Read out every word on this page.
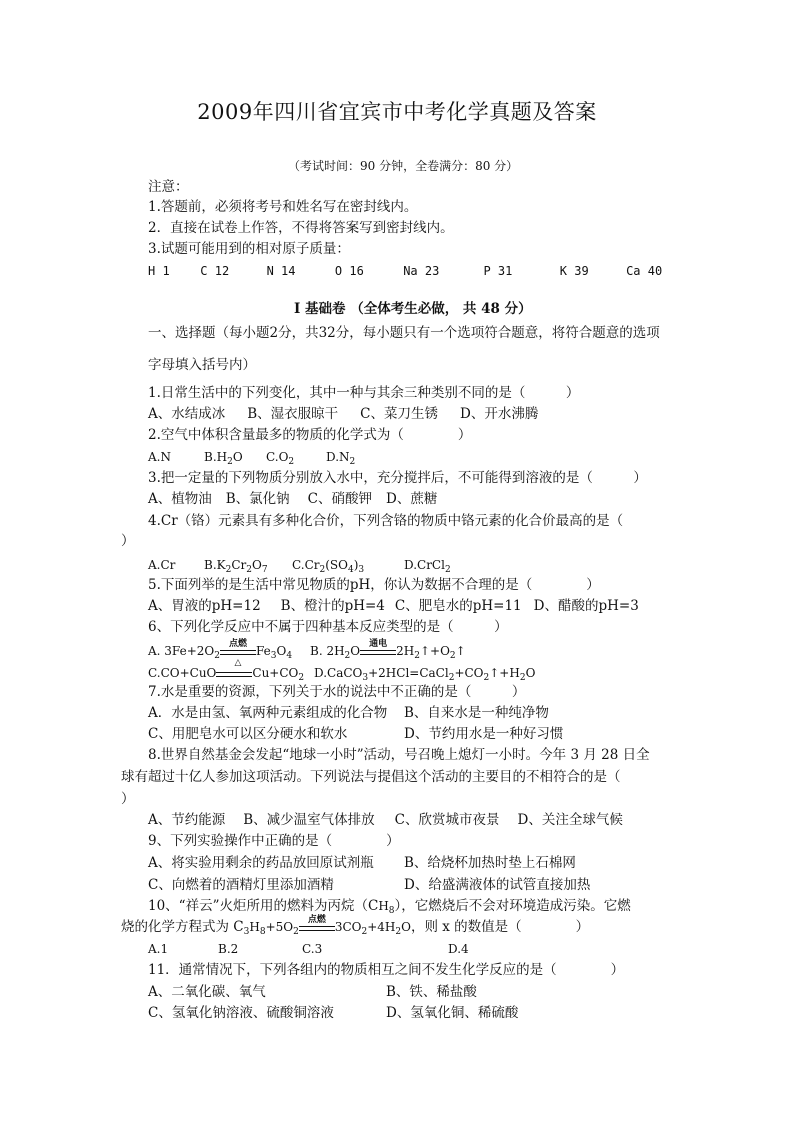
2009年四川省宜宾市中考化学真题及答案
（考试时间：90 分钟，全卷满分：80 分）
注意：
1.答题前，必须将考号和姓名写在密封线内。
2．直接在试卷上作答，不得将答案写到密封线内。
3.试题可能用到的相对原子质量：
H 1	C 12	N 14	O 16	Na 23	P 31	K 39	Ca 40
I 基础卷 （全体考生必做， 共 48 分）
一、选择题（每小题2分，共32分，每小题只有一个选项符合题意，将符合题意的选项
字母填入括号内）
1.日常生活中的下列变化，其中一种与其余三种类别不同的是（　　　）
A、水结成冰 B、湿衣服晾干 C、菜刀生锈 D、开水沸腾
2.空气中体积含量最多的物质的化学式为（　　　　）
A.N	$B.H_2O$ $C.O_2$	$D.N_2$
3.把一定量的下列物质分别放入水中，充分搅拌后，不可能得到溶液的是（　　　）
A、植物油 B、氯化钠 C、硝酸钾 D、蔗糖
4.Cr（铬）元素具有多种化合价，下列含铬的物质中铬元素的化合价最高的是（
）
A.Cr $B.K_2Cr_2O_7$ $C.Cr_2(SO_4)_3$	D.CrCl$_2$
5.下面列举的是生活中常见物质的pH，你认为数据不合理的是（　　　　）
A、胃液的pH=12 B、橙汁的pH=4 C、肥皂水的pH=11 D、醋酸的pH=3
6、下列化学反应中不属于四种基本反应类型的是（　　　）
A. $3Fe+2O_2$
点燃
△
$Fe_3O_4$ B. $2H_2O$
通电
$2H_2↑+O_2↑$
C.CO+CuO	$Cu+CO_2$ $D.CaCO_3+2HCl=CaCl_2+CO_2↑+H_2O$
7.水是重要的资源，下列关于水的说法中不正确的是（　　　）
A．水是由氢、氧两种元素组成的化合物 B、自来水是一种纯净物
C、用肥皂水可以区分硬水和软水	D、节约用水是一种好习惯
8.世界自然基金会发起“地球一小时”活动，号召晚上熄灯一小时。今年 3 月 28 日全
球有超过十亿人参加这项活动。下列说法与提倡这个活动的主要目的不相符合的是（
）
A、节约能源 B、减少温室气体排放 C、欣赏城市夜景 D、关注全球气候
9、下列实验操作中正确的是（　　　　）
A、将实验用剩余的药品放回原试剂瓶 B、给烧杯加热时垫上石棉网
C、向燃着的酒精灯里添加酒精	D、给盛满液体的试管直接加热
10、“祥云”火炬所用的燃料为丙烷$(CH_8)$，它燃烧后不会对环境造成污染。它燃
烧的化学方程式为 $C_3H_8+5O_2$
点燃
$3CO_2+4H_2O$，则 x 的数值是（　　　　）
A.1	B.2	C.3	D.4
11．通常情况下，下列各组内的物质相互之间不发生化学反应的是（　　　　）
A、二氧化碳、氧气	B、铁、稀盐酸
C、氢氧化钠溶液、硫酸铜溶液	D、氢氧化铜、稀硫酸
